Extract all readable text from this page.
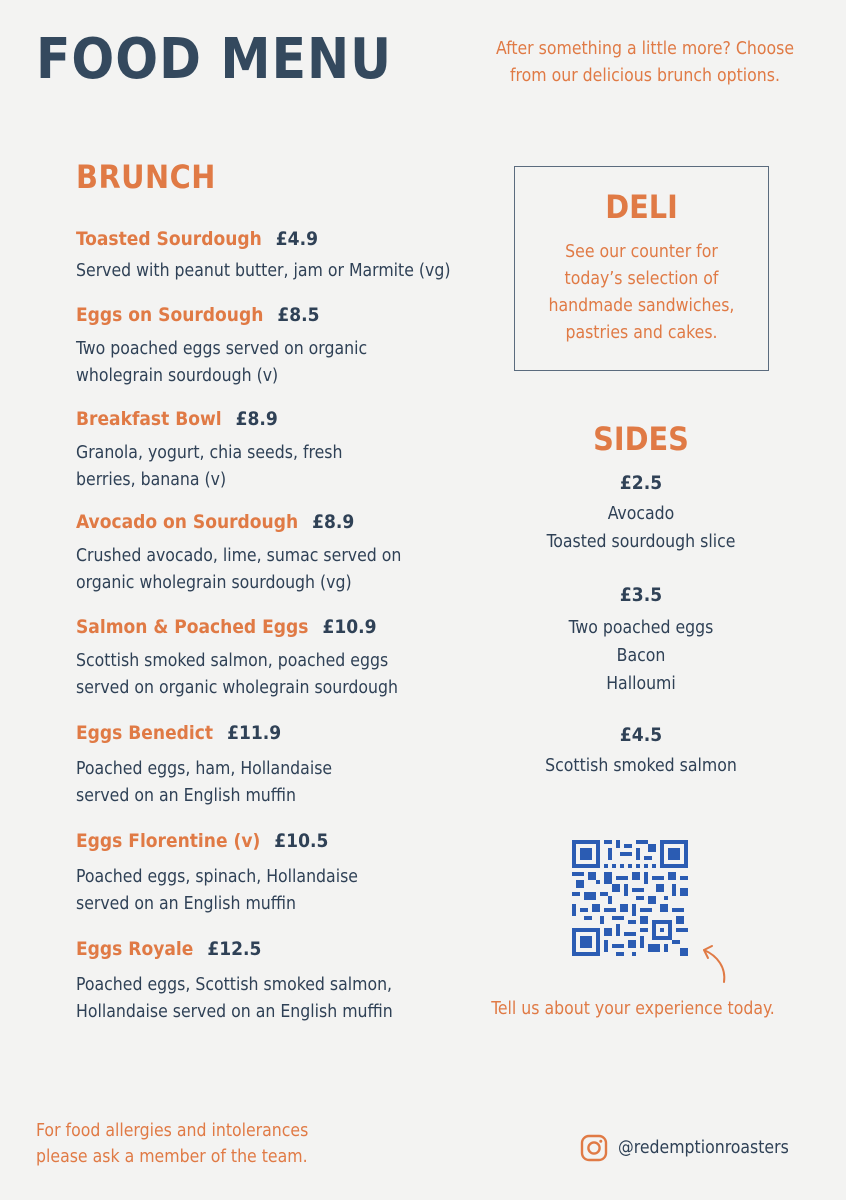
FOOD MENU	After something a little more? Choose
from our delicious brunch options.
BRUNCH
Toasted Sourdough £4.9
Served with peanut butter, jam or Marmite (vg)
Eggs on Sourdough £8.5
Two poached eggs served on organic
wholegrain sourdough (v)
Breakfast Bowl £8.9
Granola, yogurt, chia seeds, fresh
berries, banana (v)
Avocado on Sourdough £8.9
Crushed avocado, lime, sumac served on
organic wholegrain sourdough (vg)
Salmon & Poached Eggs £10.9
Scottish smoked salmon, poached eggs
served on organic wholegrain sourdough
Eggs Benedict £11.9
Poached eggs, ham, Hollandaise
served on an English muffin
Eggs Florentine (v) £10.5
Poached eggs, spinach, Hollandaise
served on an English muffin
Eggs Royale £12.5
Poached eggs, Scottish smoked salmon,
Hollandaise served on an English muffin
DELI
See our counter for
today’s selection of
handmade sandwiches,
pastries and cakes.
SIDES
£2.5
Avocado
Toasted sourdough slice
£3.5
Two poached eggs
Bacon
Halloumi
£4.5
Scottish smoked salmon
Tell us about your experience today.
For food allergies and intolerances
please ask a member of the team.	@redemptionroasters
